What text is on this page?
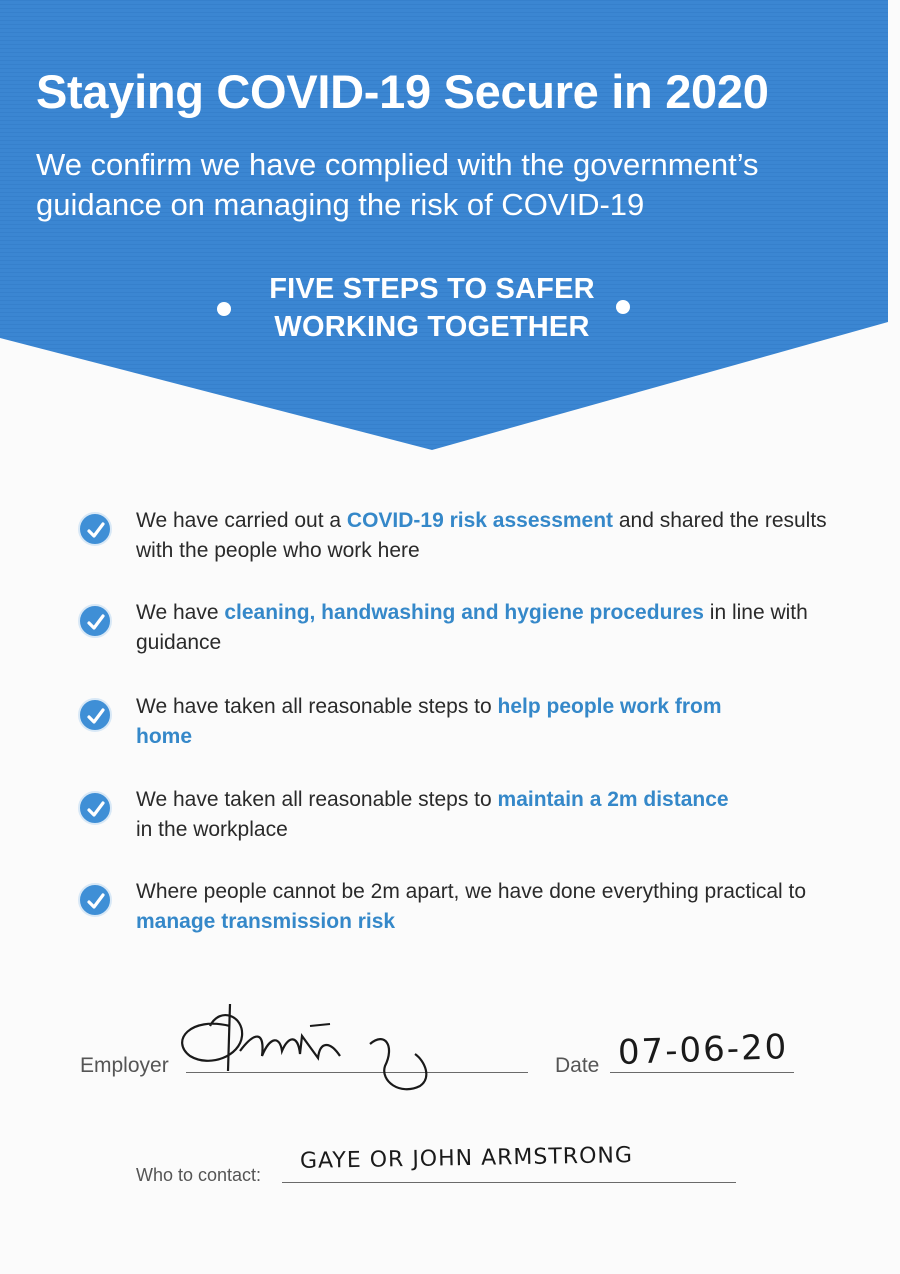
Staying COVID-19 Secure in 2020

We confirm we have complied with the government’s guidance on managing the risk of COVID-19

FIVE STEPS TO SAFER
WORKING TOGETHER
We have carried out a COVID-19 risk assessment and shared the results with the people who work here
We have cleaning, handwashing and hygiene procedures in line with guidance
We have taken all reasonable steps to help people work from home
We have taken all reasonable steps to maintain a 2m distance in the workplace
Where people cannot be 2m apart, we have done everything practical to manage transmission risk
Employer	Date 07-06-20
Who to contact:
GAYE OR JOHN ARMSTRONG
